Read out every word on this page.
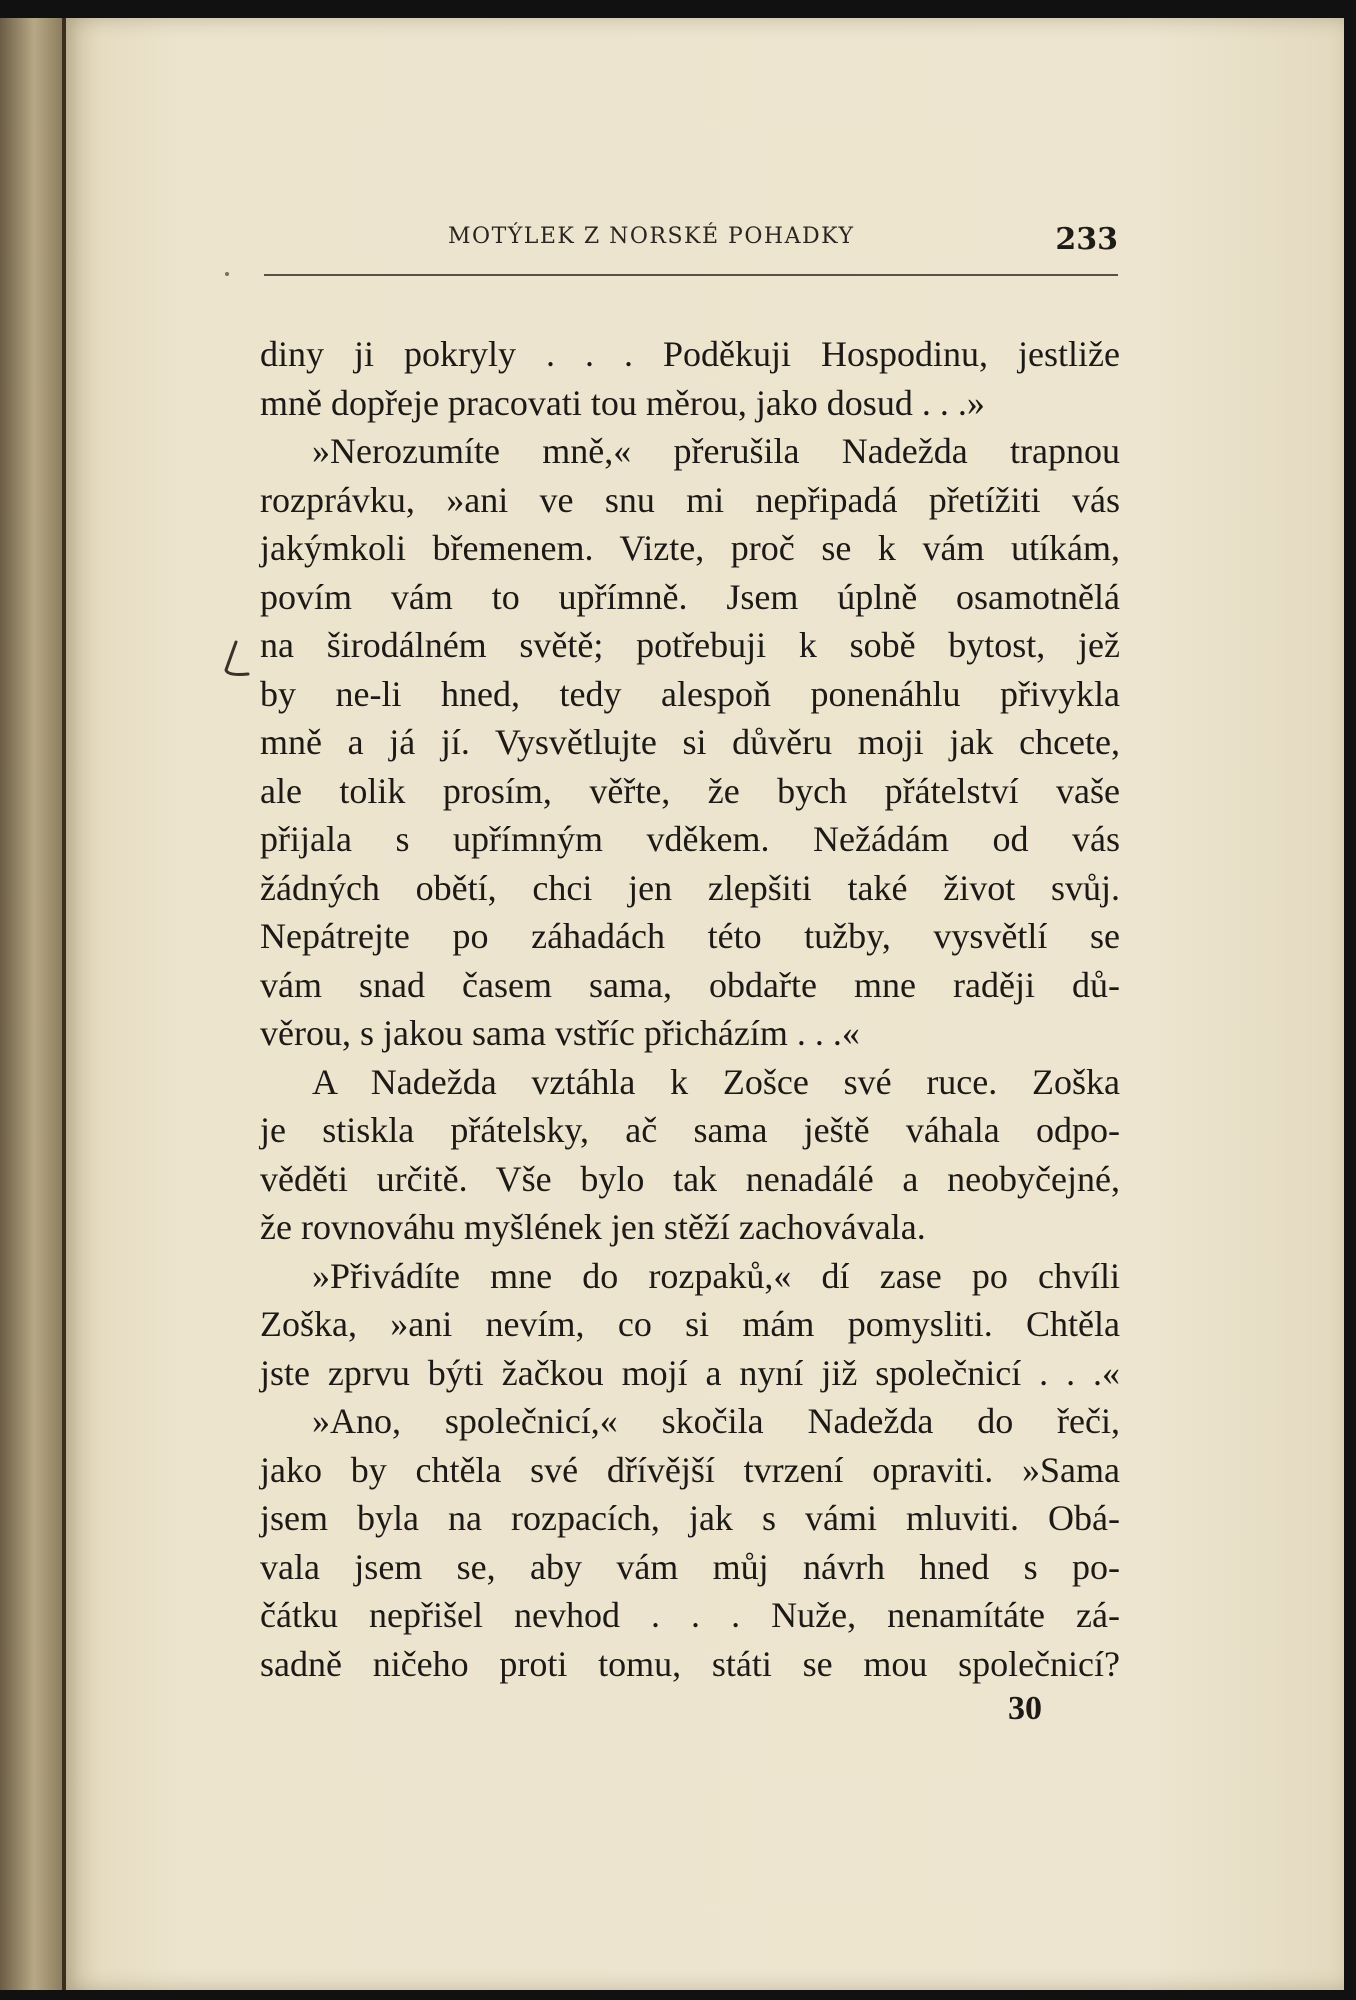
MOTÝLEK Z NORSKÉ POHADKY	233
diny ji pokryly . . . Poděkuji Hospodinu, jestliže
mně dopřeje pracovati tou měrou, jako dosud . . .»
»Nerozumíte mně,« přerušila Nadežda trapnou
rozprávku, »ani ve snu mi nepřipadá přetížiti vás
jakýmkoli břemenem. Vizte, proč se k vám utíkám,
povím vám to upřímně. Jsem úplně osamotnělá
na širodálném světě; potřebuji k sobě bytost, jež
by ne-li hned, tedy alespoň ponenáhlu přivykla
mně a já jí. Vysvětlujte si důvěru moji jak chcete,
ale tolik prosím, věřte, že bych přátelství vaše
přijala s upřímným vděkem. Nežádám od vás
žádných obětí, chci jen zlepšiti také život svůj.
Nepátrejte po záhadách této tužby, vysvětlí se
vám snad časem sama, obdařte mne raději dů-
věrou, s jakou sama vstříc přicházím . . .«
A Nadežda vztáhla k Zošce své ruce. Zoška
je stiskla přátelsky, ač sama ještě váhala odpo-
věděti určitě. Vše bylo tak nenadálé a neobyčejné,
že rovnováhu myšlének jen stěží zachovávala.
»Přivádíte mne do rozpaků,« dí zase po chvíli
Zoška, »ani nevím, co si mám pomysliti. Chtěla
jste zprvu býti žačkou mojí a nyní již společnicí . . .«
»Ano, společnicí,« skočila Nadežda do řeči,
jako by chtěla své dřívější tvrzení opraviti. »Sama
jsem byla na rozpacích, jak s vámi mluviti. Obá-
vala jsem se, aby vám můj návrh hned s po-
čátku nepřišel nevhod . . . Nuže, nenamítáte zá-
sadně ničeho proti tomu, státi se mou společnicí?
30
